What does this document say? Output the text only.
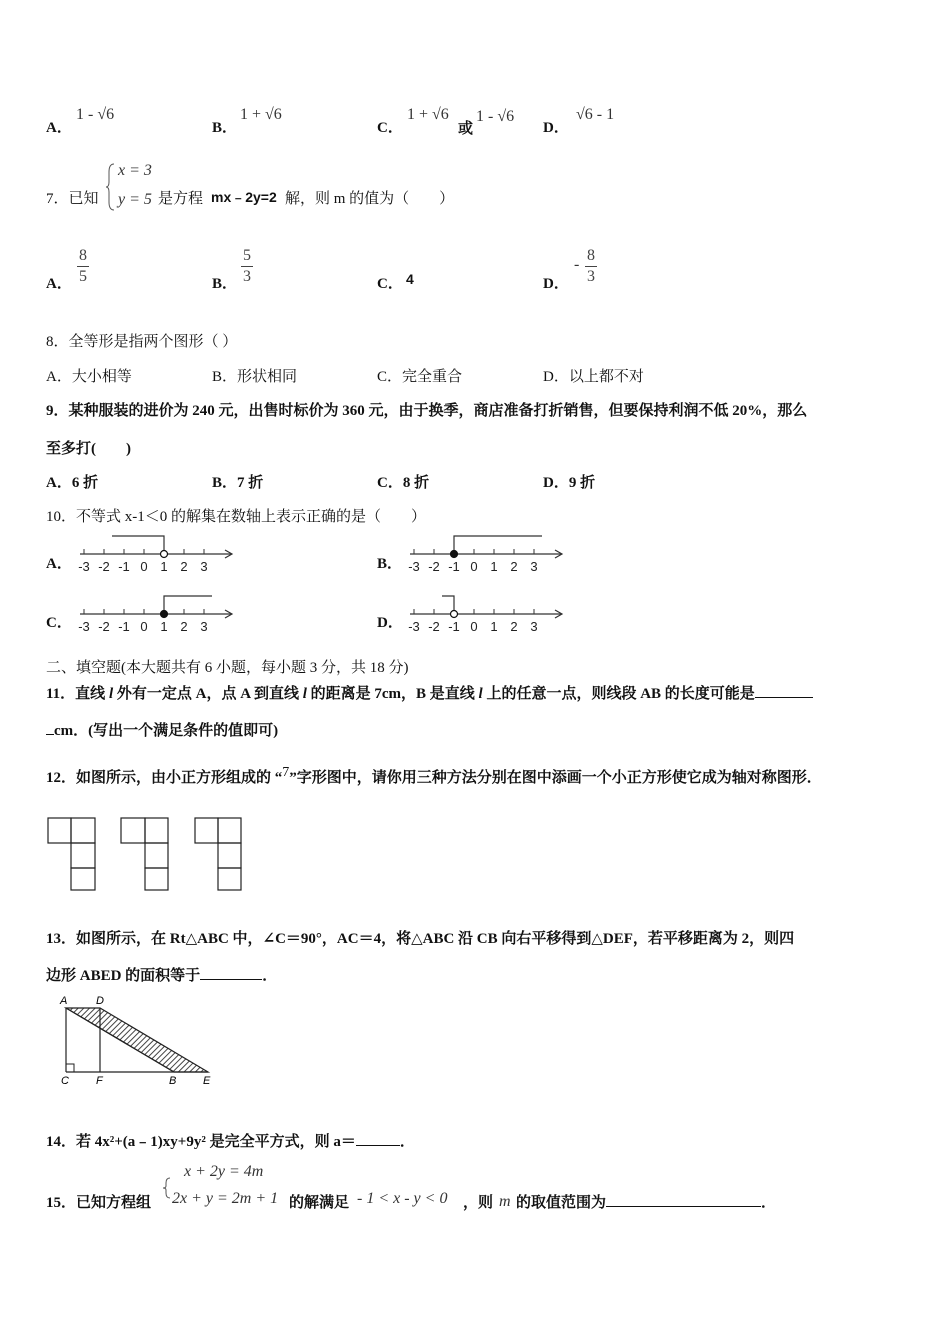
A．
1 - √6
B．
1 + √6
C．
1 + √6
或
1 - √6
D．
√6 - 1
7．已知
x = 3
y = 5 是方程 mx﹣2y=2 解，则 m 的值为（　　）
A． $\frac{8}{5}$	B． $\frac{5}{3}$	C． 4	D．
- $\frac{8}{3}$
8．全等形是指两个图形（ ）
A．大小相等	B．形状相同	C．完全重合	D．以上都不对
9．某种服装的进价为 240 元，出售时标价为 360 元，由于换季，商店准备打折销售，但要保持利润不低 20%，那么
至多打(　　)
A．6 折	B．7 折	C．8 折	D．9 折
10．不等式 x-1＜0 的解集在数轴上表示正确的是（　　）
A． -3 -2 -1 0 1 2 3	B． -3 -2 -1 0 1 2 3
C． -3 -2 -1 0 1 2 3	D． -3 -2 -1 0 1 2 3
二、填空题(本大题共有 6 小题，每小题 3 分，共 18 分)
11．直线 l 外有一定点 A，点 A 到直线 l 的距离是 7cm，B 是直线 l 上的任意一点，则线段 AB 的长度可能是
cm．(写出一个满足条件的值即可)
12．如图所示，由小正方形组成的 “$^7$”字形图中，请你用三种方法分别在图中添画一个小正方形使它成为轴对称图形．
13．如图所示，在 Rt△ABC 中，∠C＝90°，AC＝4，将△ABC 沿 CB 向右平移得到△DEF，若平移距离为 2，则四
边形 ABED 的面积等于	．
A	D
C F	B E
14．若 4x²+(a﹣1)xy+9y² 是完全平方式，则 a＝	．
15．已知方程组
x + 2y = 4m
2x + y = 2m + 1 的解满足 - 1 < x - y < 0 ，则 m 的取值范围为	．
